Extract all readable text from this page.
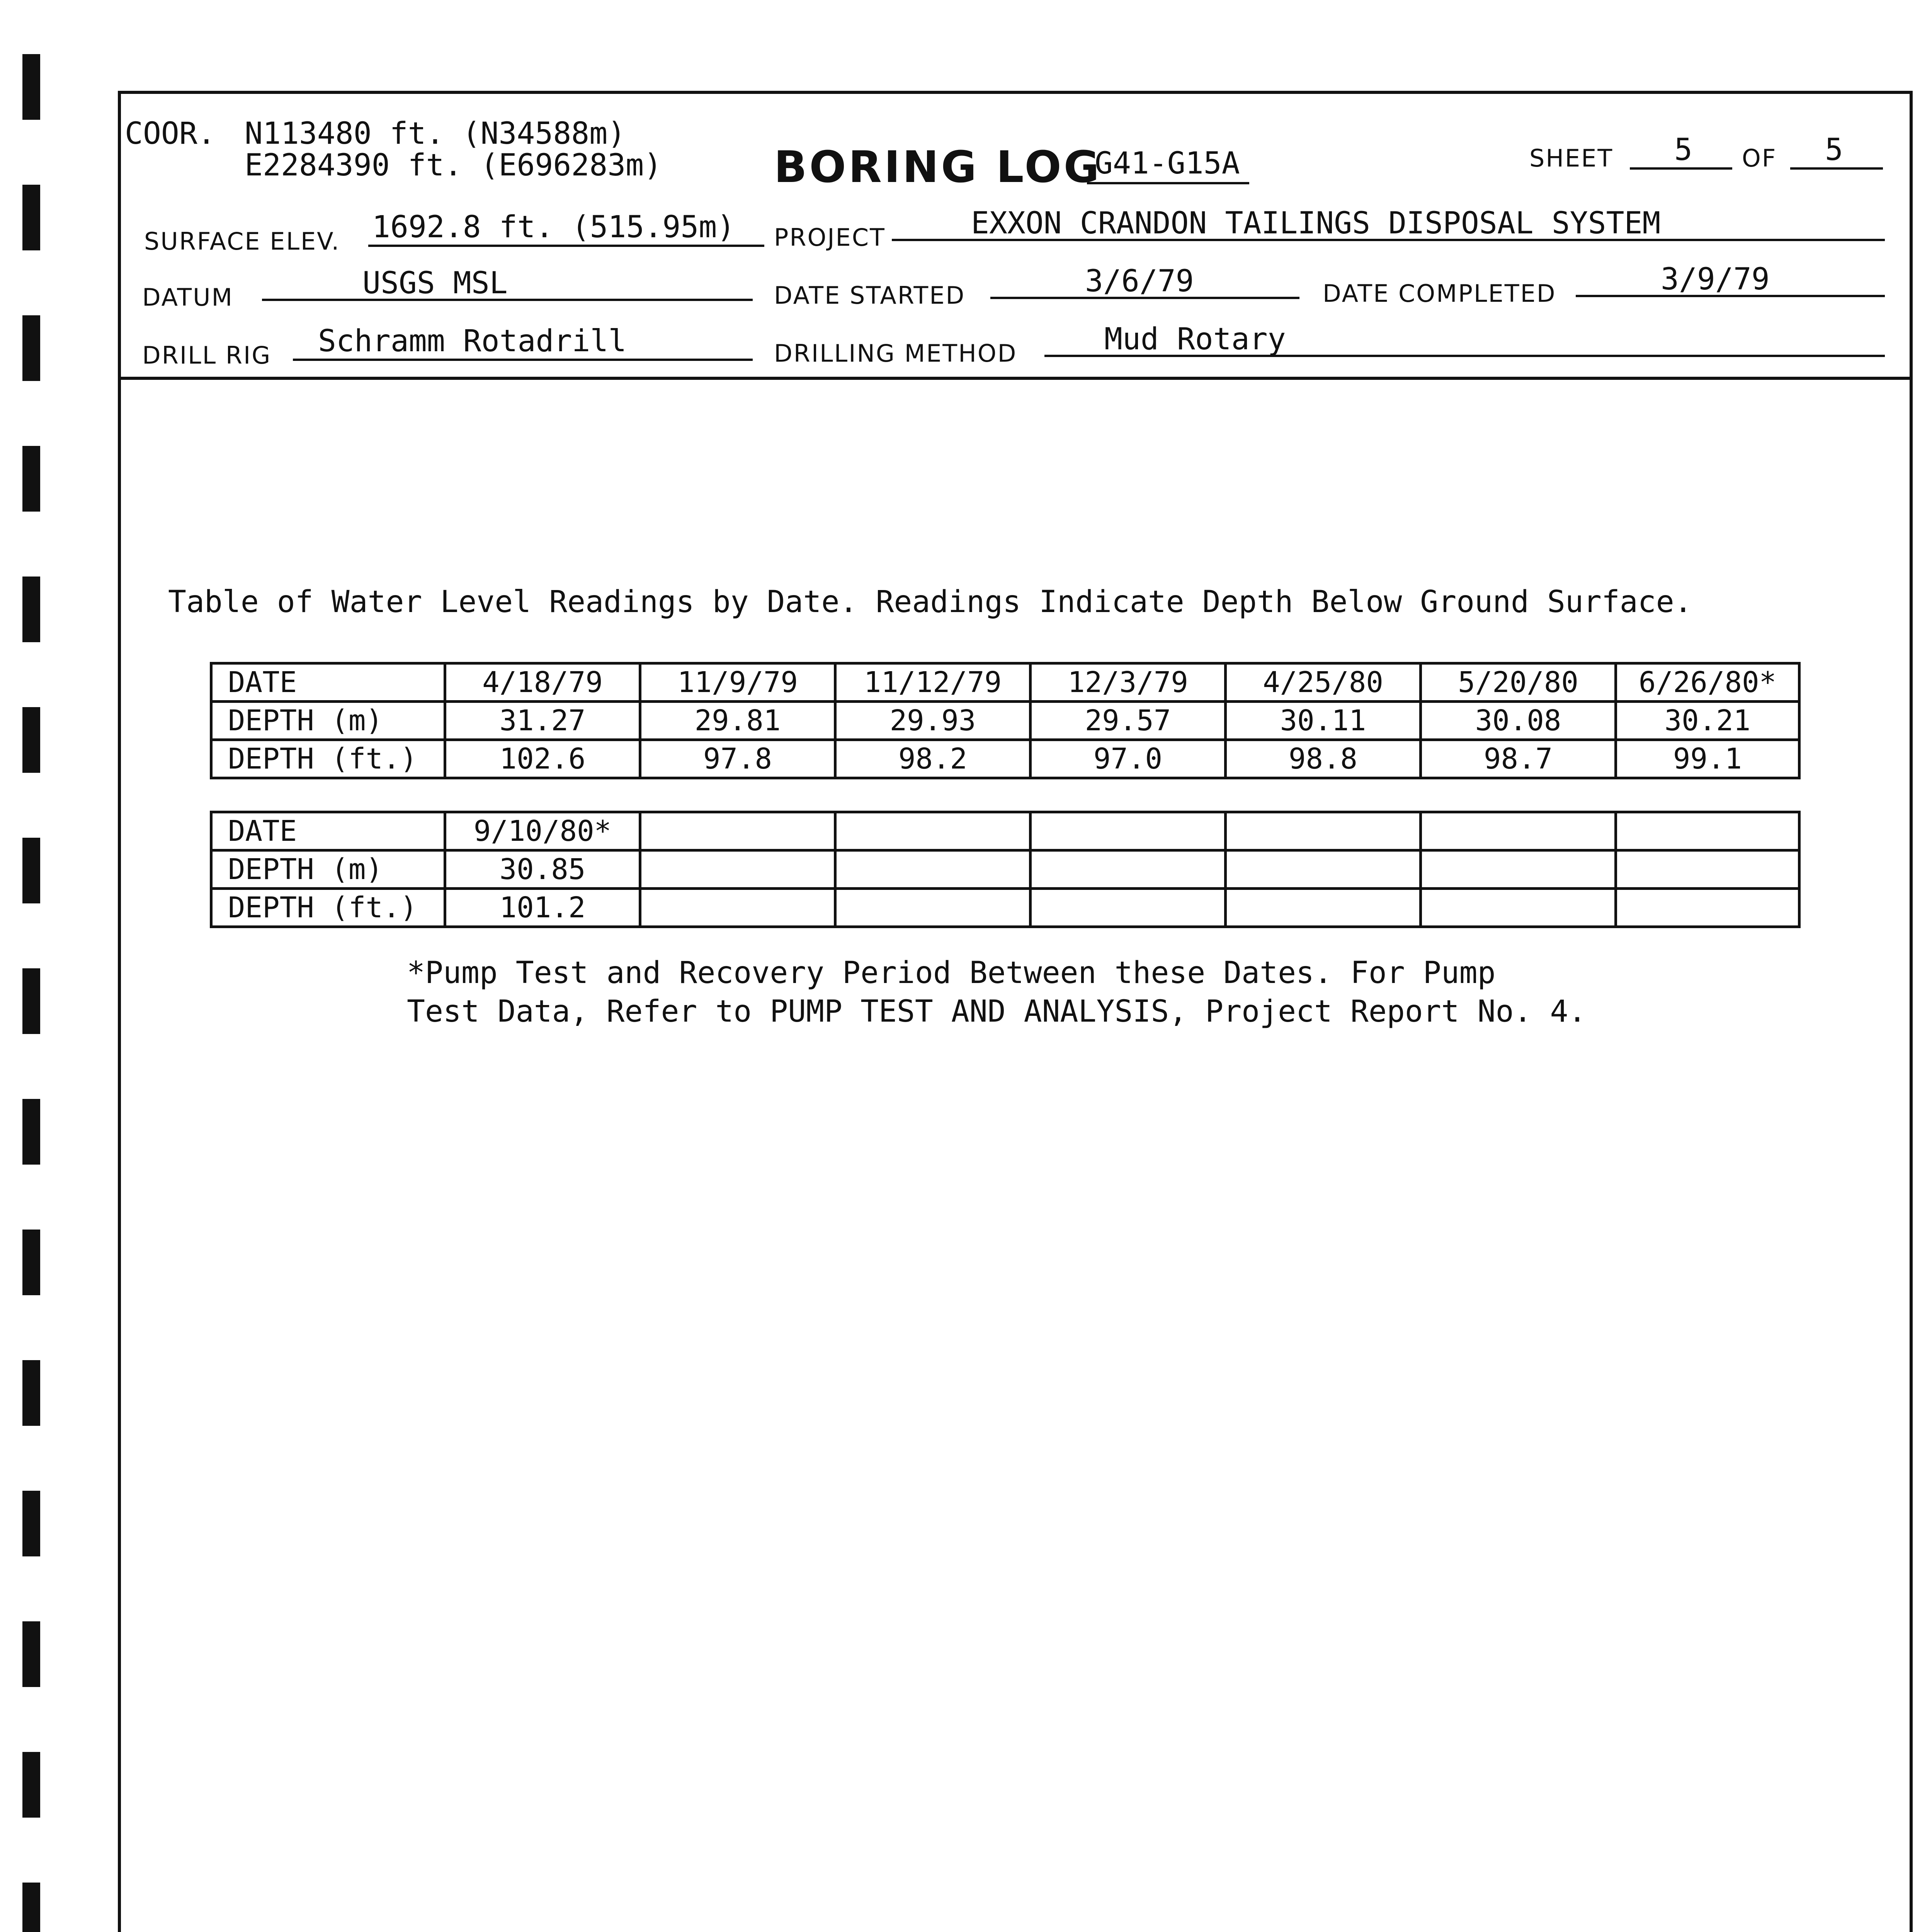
COOR. N113480 ft. (N34588m)
E2284390 ft. (E696283m)	BORING LOG
G41-G15A	SHEET 5 OF 5
SURFACE ELEV. 1692.8 ft. (515.95m) PROJECT	EXXON CRANDON TAILINGS DISPOSAL SYSTEM
DATUM	USGS MSL	DATE STARTED	3/6/79	DATE COMPLETED	3/9/79
DRILL RIG Schramm Rotadrill	DRILLING METHOD	Mud Rotary
Table of Water Level Readings by Date. Readings Indicate Depth Below Ground Surface.
DATE	4/18/79	11/9/79	11/12/79	12/3/79	4/25/80	5/20/80	6/26/80*
DEPTH (m)	31.27	29.81	29.93	29.57	30.11	30.08	30.21
DEPTH (ft.)	102.6	97.8	98.2	97.0	98.8	98.7	99.1
DATE	9/10/80*						
DEPTH (m)	30.85						
DEPTH (ft.)	101.2						
*Pump Test and Recovery Period Between these Dates. For Pump
Test Data, Refer to PUMP TEST AND ANALYSIS, Project Report No. 4.
